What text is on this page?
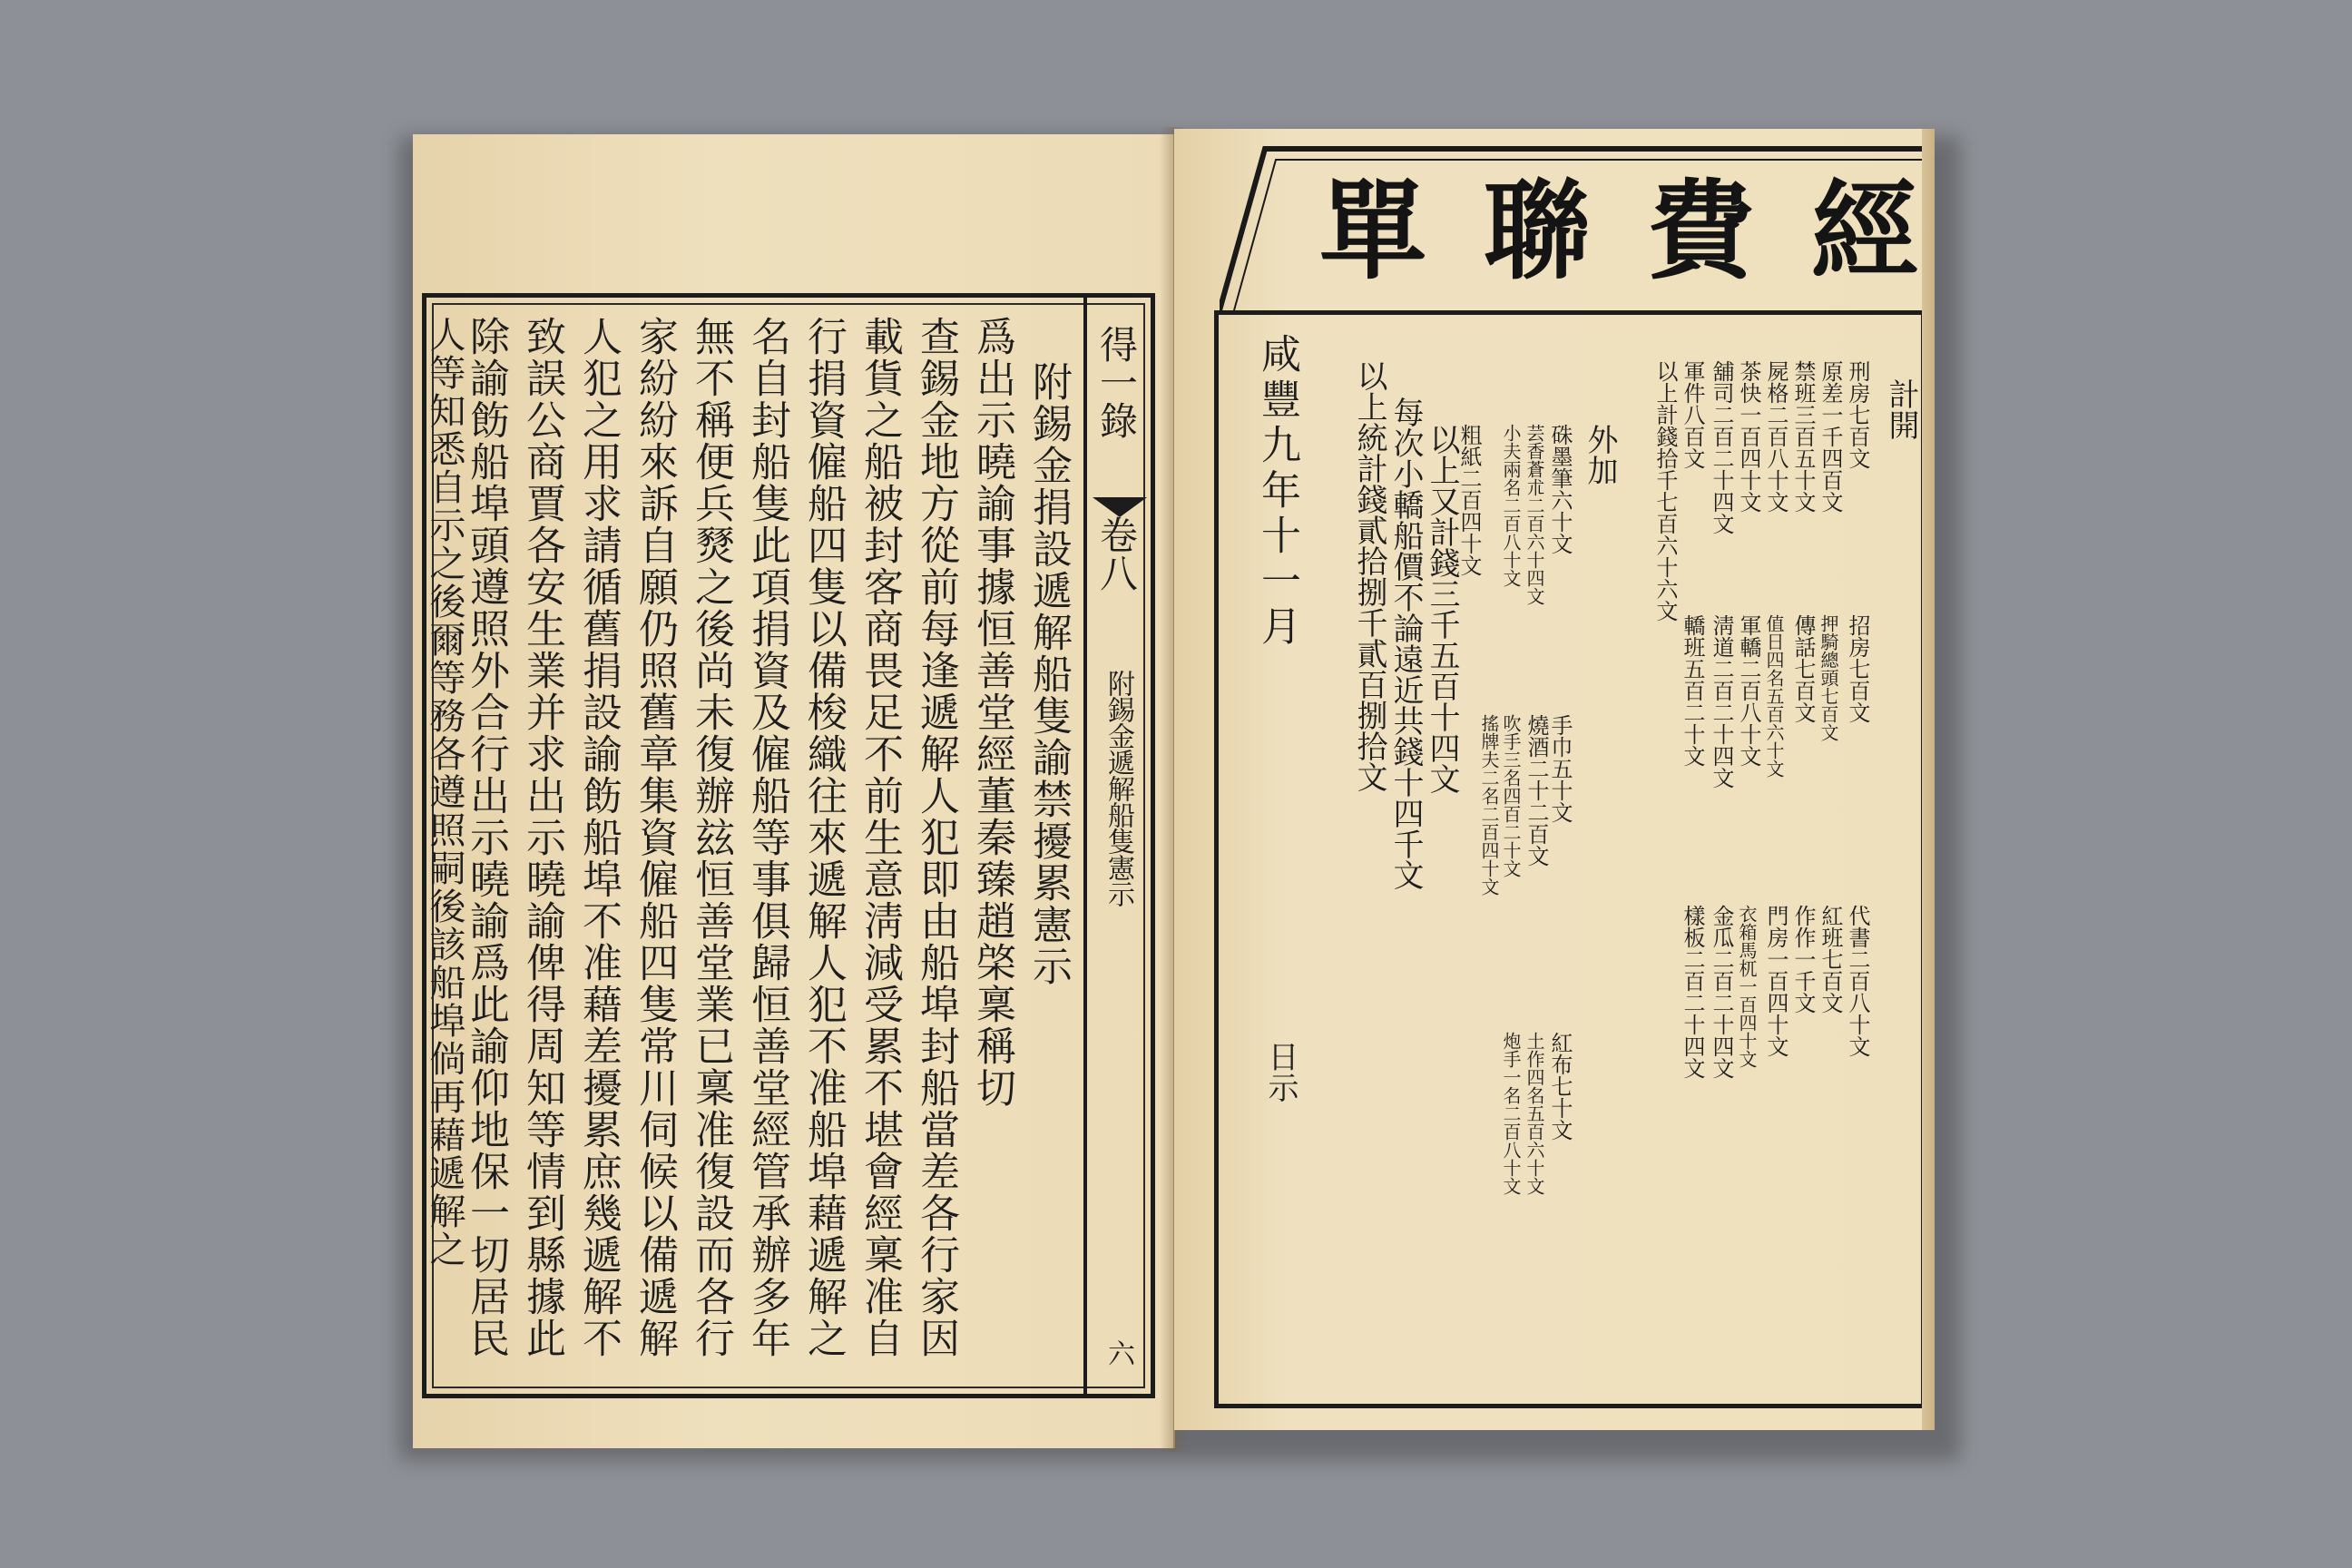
得一錄
卷八
附錫金遞解船隻憲示
六
附錫金捐設遞解船隻諭禁擾累憲示
爲出示曉諭事據恒善堂經董秦臻趙棨稟稱切
查錫金地方從前每逢遞解人犯即由船埠封船當差各行家因
載貨之船被封客商畏足不前生意淸減受累不堪會經稟准自
行捐資僱船四隻以備梭織往來遞解人犯不准船埠藉遞解之
名自封船隻此項捐資及僱船等事俱歸恒善堂經管承辦多年
無不稱便兵燹之後尚未復辦玆恒善堂業已稟准復設而各行
家紛紛來訴自願仍照舊章集資僱船四隻常川伺候以備遞解
人犯之用求請循舊捐設諭飭船埠不准藉差擾累庶幾遞解不
致誤公商賈各安生業并求出示曉諭俾得周知等情到縣據此
除諭飭船埠頭遵照外合行出示曉諭爲此諭仰地保一切居民
人等知悉自示之後爾等務各遵照嗣後該船埠倘再藉遞解之
單 聯 費 經
計開
刑房七百文
原差一千四百文
禁班三百五十文
屍格二百八十文
茶快一百四十文
舖司二百二十四文
軍件八百文
以上計錢拾千七百六十六文
招房七百文
押騎總頭七百文
傳話七百文
值日四名五百六十文
軍轎二百八十文
淸道二百二十四文
轎班五百二十文
代書二百八十文
紅班七百文
作作一千文
門房一百四十文
衣箱馬杌一百四十文
金瓜二百二十四文
樣板二百二十四文
外加
硃墨筆六十文
芸香蒼朮二百六十四文
小夫兩名二百八十文
手巾五十文
燒酒二十二百文
吹手三名四百二十文
搖牌夫二名二百四十文
紅布七十文
土作四名五百六十文
炮手一名二百八十文
粗紙二百四十文
以上又計錢三千五百十四文
每次小轎船價不論遠近共錢十四千文
以上統計錢貳拾捌千貳百捌拾文
咸豐九年十一月
日示
